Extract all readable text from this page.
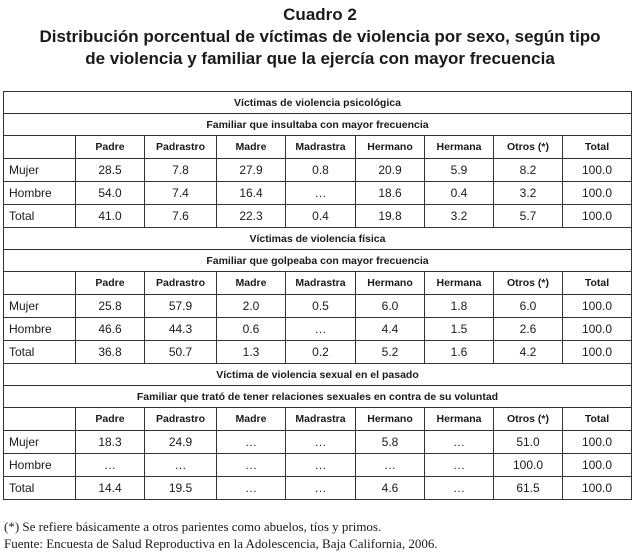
Cuadro 2
Distribución porcentual de víctimas de violencia por sexo, según tipo
de violencia y familiar que la ejercía con mayor frecuencia
Víctimas de violencia psicológica								
Familiar que insultaba con mayor frecuencia								
	Padre	Padrastro	Madre	Madrastra	Hermano	Hermana	Otros (*)	Total
Mujer	28.5	7.8	27.9	0.8	20.9	5.9	8.2	100.0
Hombre	54.0	7.4	16.4	…	18.6	0.4	3.2	100.0
Total	41.0	7.6	22.3	0.4	19.8	3.2	5.7	100.0
Víctimas de violencia física								
Familiar que golpeaba con mayor frecuencia								
	Padre	Padrastro	Madre	Madrastra	Hermano	Hermana	Otros (*)	Total
Mujer	25.8	57.9	2.0	0.5	6.0	1.8	6.0	100.0
Hombre	46.6	44.3	0.6	…	4.4	1.5	2.6	100.0
Total	36.8	50.7	1.3	0.2	5.2	1.6	4.2	100.0
Víctima de violencia sexual en el pasado								
Familiar que trató de tener relaciones sexuales en contra de su voluntad								
	Padre	Padrastro	Madre	Madrastra	Hermano	Hermana	Otros (*)	Total
Mujer	18.3	24.9	…	…	5.8	…	51.0	100.0
Hombre	…	…	…	…	…	…	100.0	100.0
Total	14.4	19.5	…	…	4.6	…	61.5	100.0
(*) Se refiere básicamente a otros parientes como abuelos, tíos y primos.
Fuente: Encuesta de Salud Reproductiva en la Adolescencia, Baja California, 2006.
